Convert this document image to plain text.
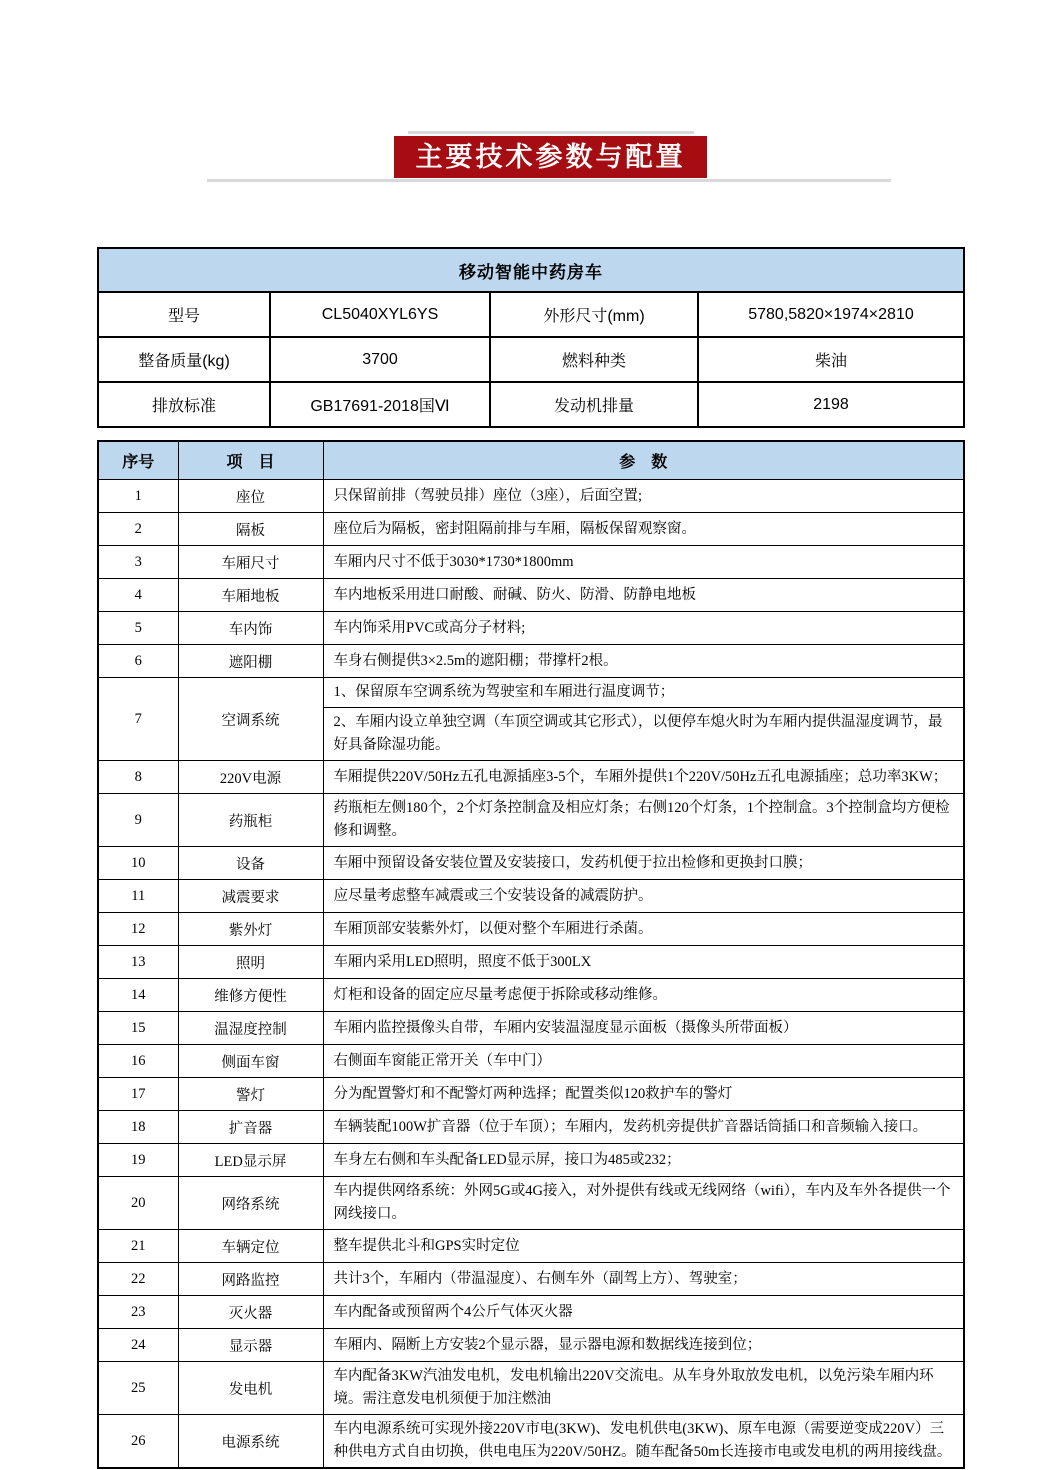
主要技术参数与配置
移动智能中药房车			
型号	CL5040XYL6YS	外形尺寸(mm)	5780,5820×1974×2810
整备质量(kg)	3700	燃料种类	柴油
排放标准	GB17691-2018国Ⅵ	发动机排量	2198
序号	项　目	参　数
1	座位	只保留前排（驾驶员排）座位（3座），后面空置;

2	隔板	座位后为隔板，密封阻隔前排与车厢，隔板保留观察窗。

3	车厢尺寸	车厢内尺寸不低于3030*1730*1800mm

4	车厢地板	车内地板采用进口耐酸、耐碱、防火、防滑、防静电地板

5	车内饰	车内饰采用PVC或高分子材料;

6	遮阳棚	车身右侧提供3×2.5m的遮阳棚；带撑杆2根。

7	空调系统	1、保留原车空调系统为驾驶室和车厢进行温度调节；
2、车厢内设立单独空调（车顶空调或其它形式），以便停车熄火时为车厢内提供温湿度调节，最好具备除湿功能。

8	220V电源	车厢提供220V/50Hz五孔电源插座3-5个，车厢外提供1个220V/50Hz五孔电源插座；总功率3KW；

9	药瓶柜	药瓶柜左侧180个，2个灯条控制盒及相应灯条；右侧120个灯条，1个控制盒。3个控制盒均方便检修和调整。

10	设备	车厢中预留设备安装位置及安装接口，发药机便于拉出检修和更换封口膜；

11	减震要求	应尽量考虑整车减震或三个安装设备的减震防护。

12	紫外灯	车厢顶部安装紫外灯，以便对整个车厢进行杀菌。

13	照明	车厢内采用LED照明，照度不低于300LX

14	维修方便性	灯柜和设备的固定应尽量考虑便于拆除或移动维修。

15	温湿度控制	车厢内监控摄像头自带，车厢内安装温湿度显示面板（摄像头所带面板）

16	侧面车窗	右侧面车窗能正常开关（车中门）

17	警灯	分为配置警灯和不配警灯两种选择；配置类似120救护车的警灯

18	扩音器	车辆装配100W扩音器（位于车顶）；车厢内，发药机旁提供扩音器话筒插口和音频输入接口。

19	LED显示屏	车身左右侧和车头配备LED显示屏，接口为485或232；

20	网络系统	车内提供网络系统：外网5G或4G接入，对外提供有线或无线网络（wifi），车内及车外各提供一个网线接口。

21	车辆定位	整车提供北斗和GPS实时定位

22	网路监控	共计3个，车厢内（带温湿度）、右侧车外（副驾上方）、驾驶室；

23	灭火器	车内配备或预留两个4公斤气体灭火器

24	显示器	车厢内、隔断上方安装2个显示器，显示器电源和数据线连接到位；

25	发电机	车内配备3KW汽油发电机，发电机输出220V交流电。从车身外取放发电机，以免污染车厢内环境。需注意发电机须便于加注燃油

26	电源系统	车内电源系统可实现外接220V市电(3KW)、发电机供电(3KW)、原车电源（需要逆变成220V）三种供电方式自由切换，供电电压为220V/50HZ。随车配备50m长连接市电或发电机的两用接线盘。
